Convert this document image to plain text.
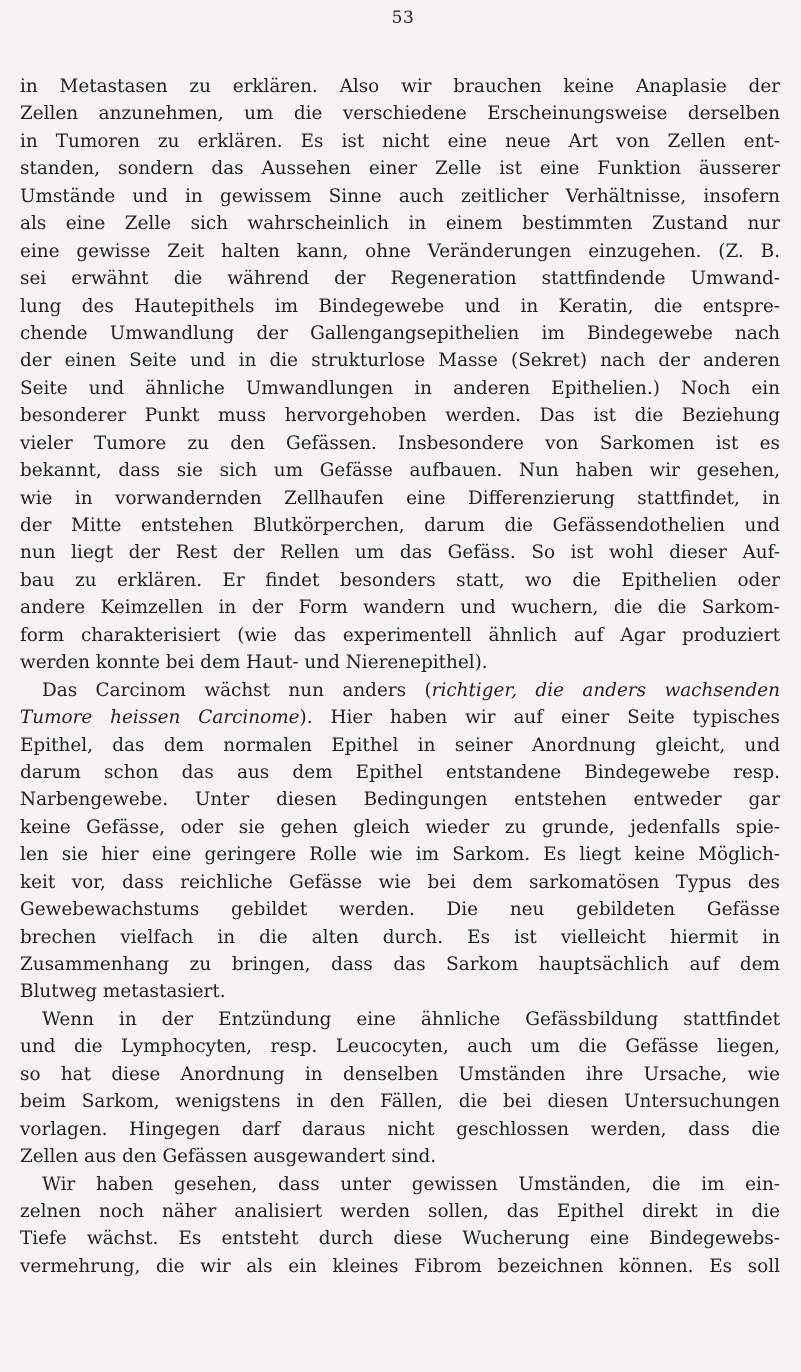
53

in Metastasen zu erklären. Also wir brauchen keine Anaplasie der
Zellen anzunehmen, um die verschiedene Erscheinungsweise derselben
in Tumoren zu erklären. Es ist nicht eine neue Art von Zellen ent-
standen, sondern das Aussehen einer Zelle ist eine Funktion äusserer
Umstände und in gewissem Sinne auch zeitlicher Verhältnisse, insofern
als eine Zelle sich wahrscheinlich in einem bestimmten Zustand nur
eine gewisse Zeit halten kann, ohne Veränderungen einzugehen. (Z. B.
sei erwähnt die während der Regeneration stattfindende Umwand-
lung des Hautepithels im Bindegewebe und in Keratin, die entspre-
chende Umwandlung der Gallengangsepithelien im Bindegewebe nach
der einen Seite und in die strukturlose Masse (Sekret) nach der anderen
Seite und ähnliche Umwandlungen in anderen Epithelien.) Noch ein
besonderer Punkt muss hervorgehoben werden. Das ist die Beziehung
vieler Tumore zu den Gefässen. Insbesondere von Sarkomen ist es
bekannt, dass sie sich um Gefässe aufbauen. Nun haben wir gesehen,
wie in vorwandernden Zellhaufen eine Differenzierung stattfindet, in
der Mitte entstehen Blutkörperchen, darum die Gefässendothelien und
nun liegt der Rest der Rellen um das Gefäss. So ist wohl dieser Auf-
bau zu erklären. Er findet besonders statt, wo die Epithelien oder
andere Keimzellen in der Form wandern und wuchern, die die Sarkom-
form charakterisiert (wie das experimentell ähnlich auf Agar produziert
werden konnte bei dem Haut- und Nierenepithel).
Das Carcinom wächst nun anders (richtiger, die anders wachsenden
Tumore heissen Carcinome). Hier haben wir auf einer Seite typisches
Epithel, das dem normalen Epithel in seiner Anordnung gleicht, und
darum schon das aus dem Epithel entstandene Bindegewebe resp.
Narbengewebe. Unter diesen Bedingungen entstehen entweder gar
keine Gefässe, oder sie gehen gleich wieder zu grunde, jedenfalls spie-
len sie hier eine geringere Rolle wie im Sarkom. Es liegt keine Möglich-
keit vor, dass reichliche Gefässe wie bei dem sarkomatösen Typus des
Gewebewachstums gebildet werden. Die neu gebildeten Gefässe
brechen vielfach in die alten durch. Es ist vielleicht hiermit in
Zusammenhang zu bringen, dass das Sarkom hauptsächlich auf dem
Blutweg metastasiert.
Wenn in der Entzündung eine ähnliche Gefässbildung stattfindet
und die Lymphocyten, resp. Leucocyten, auch um die Gefässe liegen,
so hat diese Anordnung in denselben Umständen ihre Ursache, wie
beim Sarkom, wenigstens in den Fällen, die bei diesen Untersuchungen
vorlagen. Hingegen darf daraus nicht geschlossen werden, dass die
Zellen aus den Gefässen ausgewandert sind.
Wir haben gesehen, dass unter gewissen Umständen, die im ein-
zelnen noch näher analisiert werden sollen, das Epithel direkt in die
Tiefe wächst. Es entsteht durch diese Wucherung eine Bindegewebs-
vermehrung, die wir als ein kleines Fibrom bezeichnen können. Es soll
